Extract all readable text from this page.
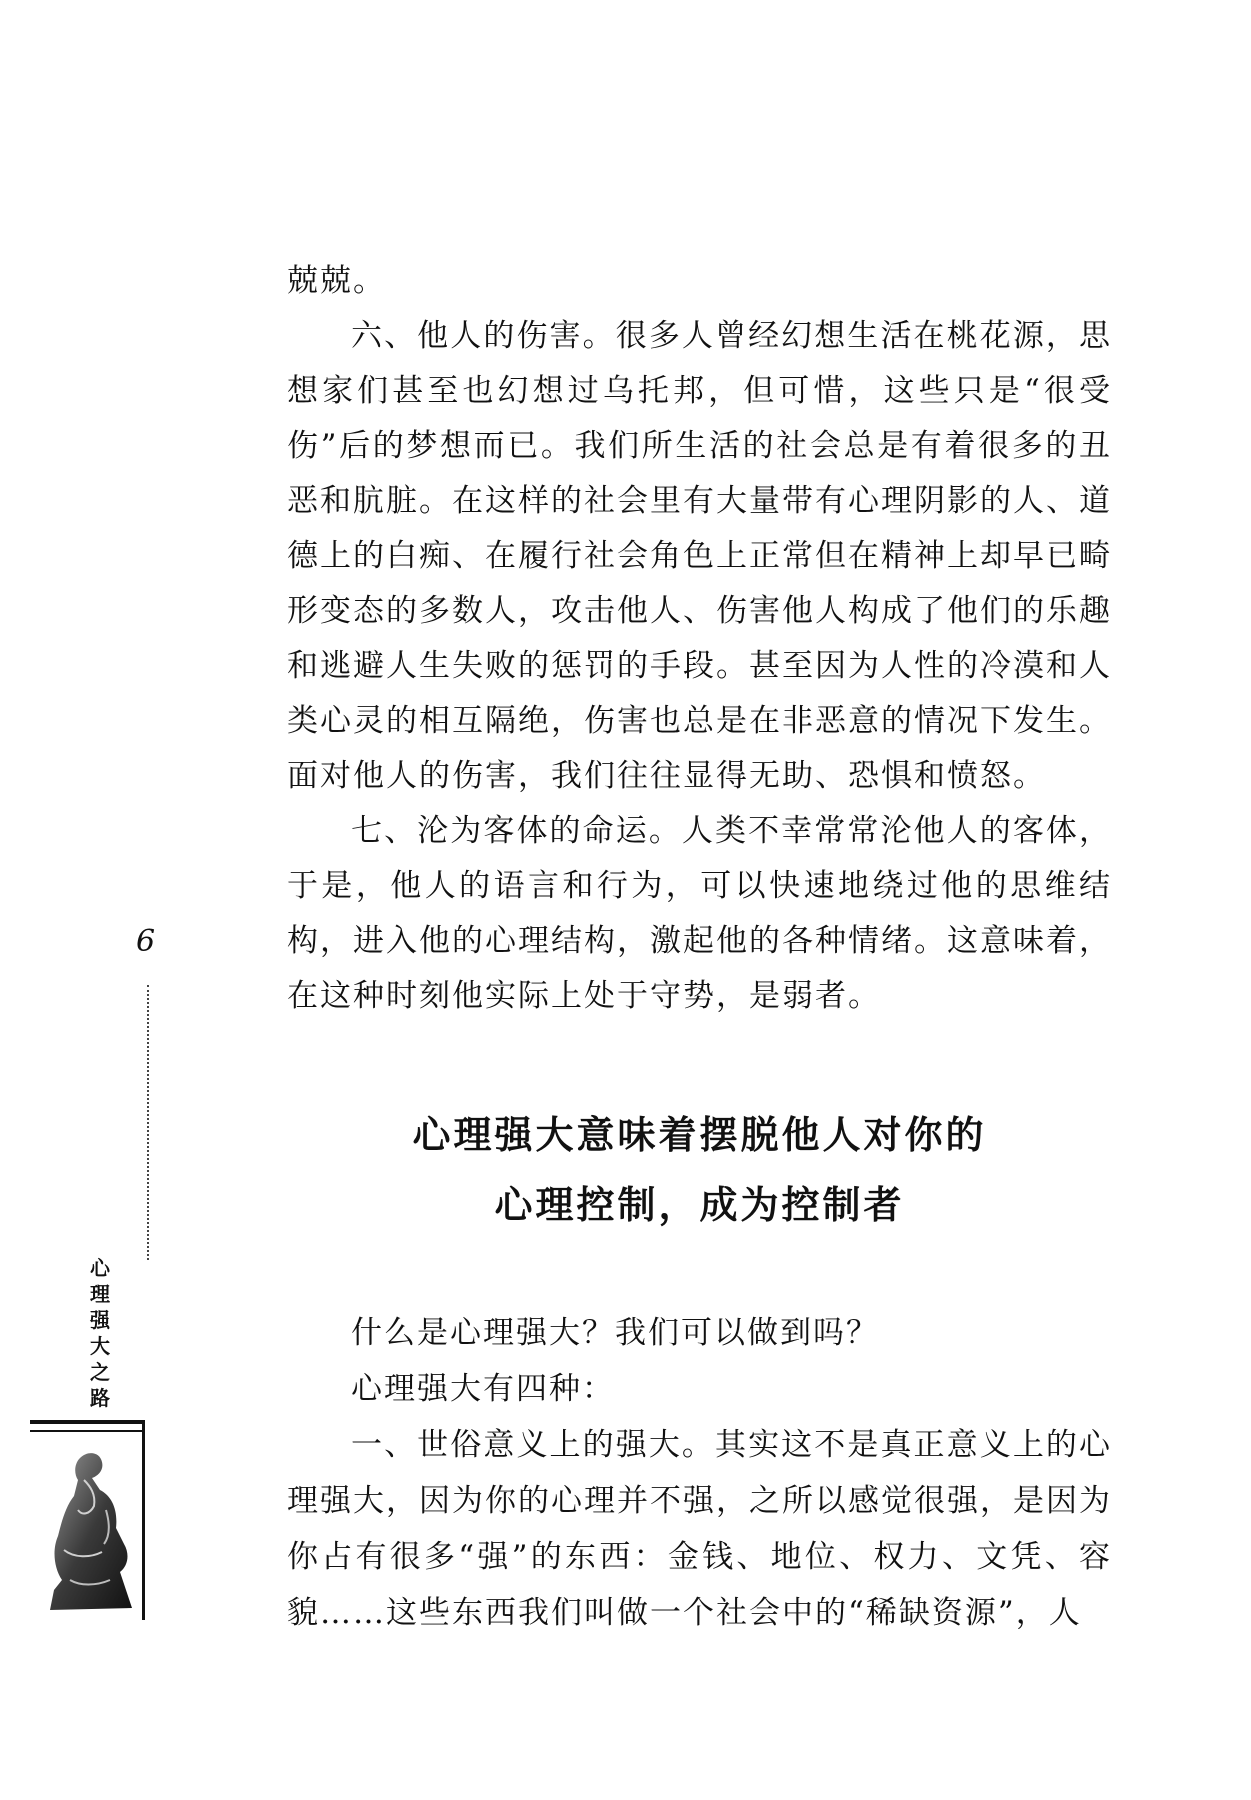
兢兢。

六、他人的伤害。很多人曾经幻想生活在桃花源，思想家们甚至也幻想过乌托邦，但可惜，这些只是“很受伤”后的梦想而已。我们所生活的社会总是有着很多的丑恶和肮脏。在这样的社会里有大量带有心理阴影的人、道德上的白痴、在履行社会角色上正常但在精神上却早已畸形变态的多数人，攻击他人、伤害他人构成了他们的乐趣和逃避人生失败的惩罚的手段。甚至因为人性的冷漠和人类心灵的相互隔绝，伤害也总是在非恶意的情况下发生。面对他人的伤害，我们往往显得无助、恐惧和愤怒。

七、沦为客体的命运。人类不幸常常沦他人的客体，于是，他人的语言和行为，可以快速地绕过他的思维结构，进入他的心理结构，激起他的各种情绪。这意味着，在这种时刻他实际上处于守势，是弱者。

心理强大意味着摆脱他人对你的
心理控制，成为控制者

什么是心理强大？我们可以做到吗？

心理强大有四种：

一、世俗意义上的强大。其实这不是真正意义上的心理强大，因为你的心理并不强，之所以感觉很强，是因为你占有很多“强”的东西：金钱、地位、权力、文凭、容貌……这些东西我们叫做一个社会中的“稀缺资源”，人

6
心理强大之路
